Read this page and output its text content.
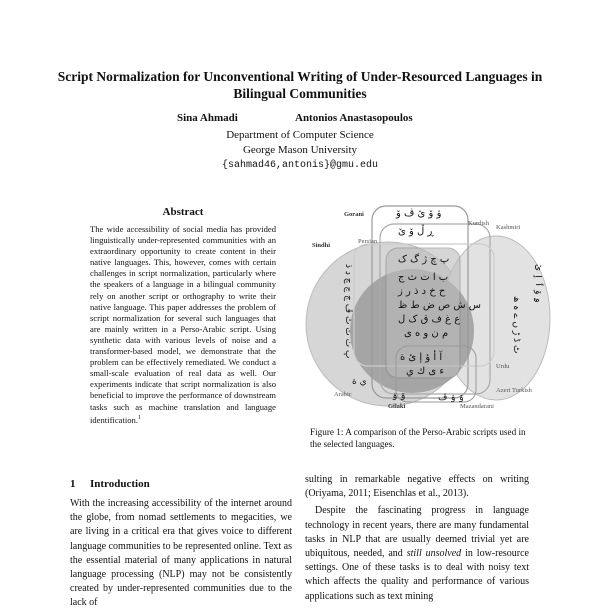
Script Normalization for Unconventional Writing of Under-Resourced Languages in Bilingual Communities
Sina Ahmadi	Antonios Anastasopoulos
Department of Computer Science
George Mason University
{sahmad46,antonis}@gmu.edu
Abstract
The wide accessibility of social media has provided linguistically under-represented communities with an extraordinary opportunity to create content in their native languages. This, however, comes with certain challenges in script normalization, particularly where the speakers of a language in a bilingual community rely on another script or orthography to write their native language. This paper addresses the problem of script normalization for several such languages that are mainly written in a Perso-Arabic script. Using synthetic data with various levels of noise and a transformer-based model, we demonstrate that the problem can be effectively remediated. We conduct a small-scale evaluation of real data as well. Our experiments indicate that script normalization is also beneficial to improve the performance of downstream tasks such as machine translation and language identification.$^1$
Gorani
Kurdish
Kashmiri
Sindhi
Persian
Urdu
Azeri Turkish
Arabic
Gilaki	Mazandarani
ۋ ۆ ێ ڤ ۆ
ڕ ڵ ۆ ێ
پ چ ژ گ ک
ب ا ت ث ج
ح خ د ذ ر ز
س ش ص ض ط ظ
ع غ ف ق ک ل
م ن و ه ی
آ أ ؤ إ ئ ة
ء ى ك ي
ڀ ٺ ٽ ٿ ڦ ڄ ڃ ڇ ڊ ڌ	ۄ ۆ ٲ ٳ ێ
ٹ ڈ ڑ ں ے ہ ھ
ي ة
ۊ ۉ	ۊ ۉ ڤ
Figure 1: A comparison of the Perso-Arabic scripts used in the selected languages.
1 Introduction
With the increasing accessibility of the internet around the globe, from nomad settlements to megacities, we are living in a critical era that gives voice to different language communities to be represented online. Text as the essential material of many applications in natural language processing (NLP) may not be consistently created by under-represented communities due to the lack of

sulting in remarkable negative effects on writing (Oriyama, 2011; Eisenchlas et al., 2013).

Despite the fascinating progress in language technology in recent years, there are many fundamental tasks in NLP that are usually deemed trivial yet are ubiquitous, needed, and still unsolved in low-resource settings. One of these tasks is to deal with noisy text which affects the quality and performance of various applications such as text mining
